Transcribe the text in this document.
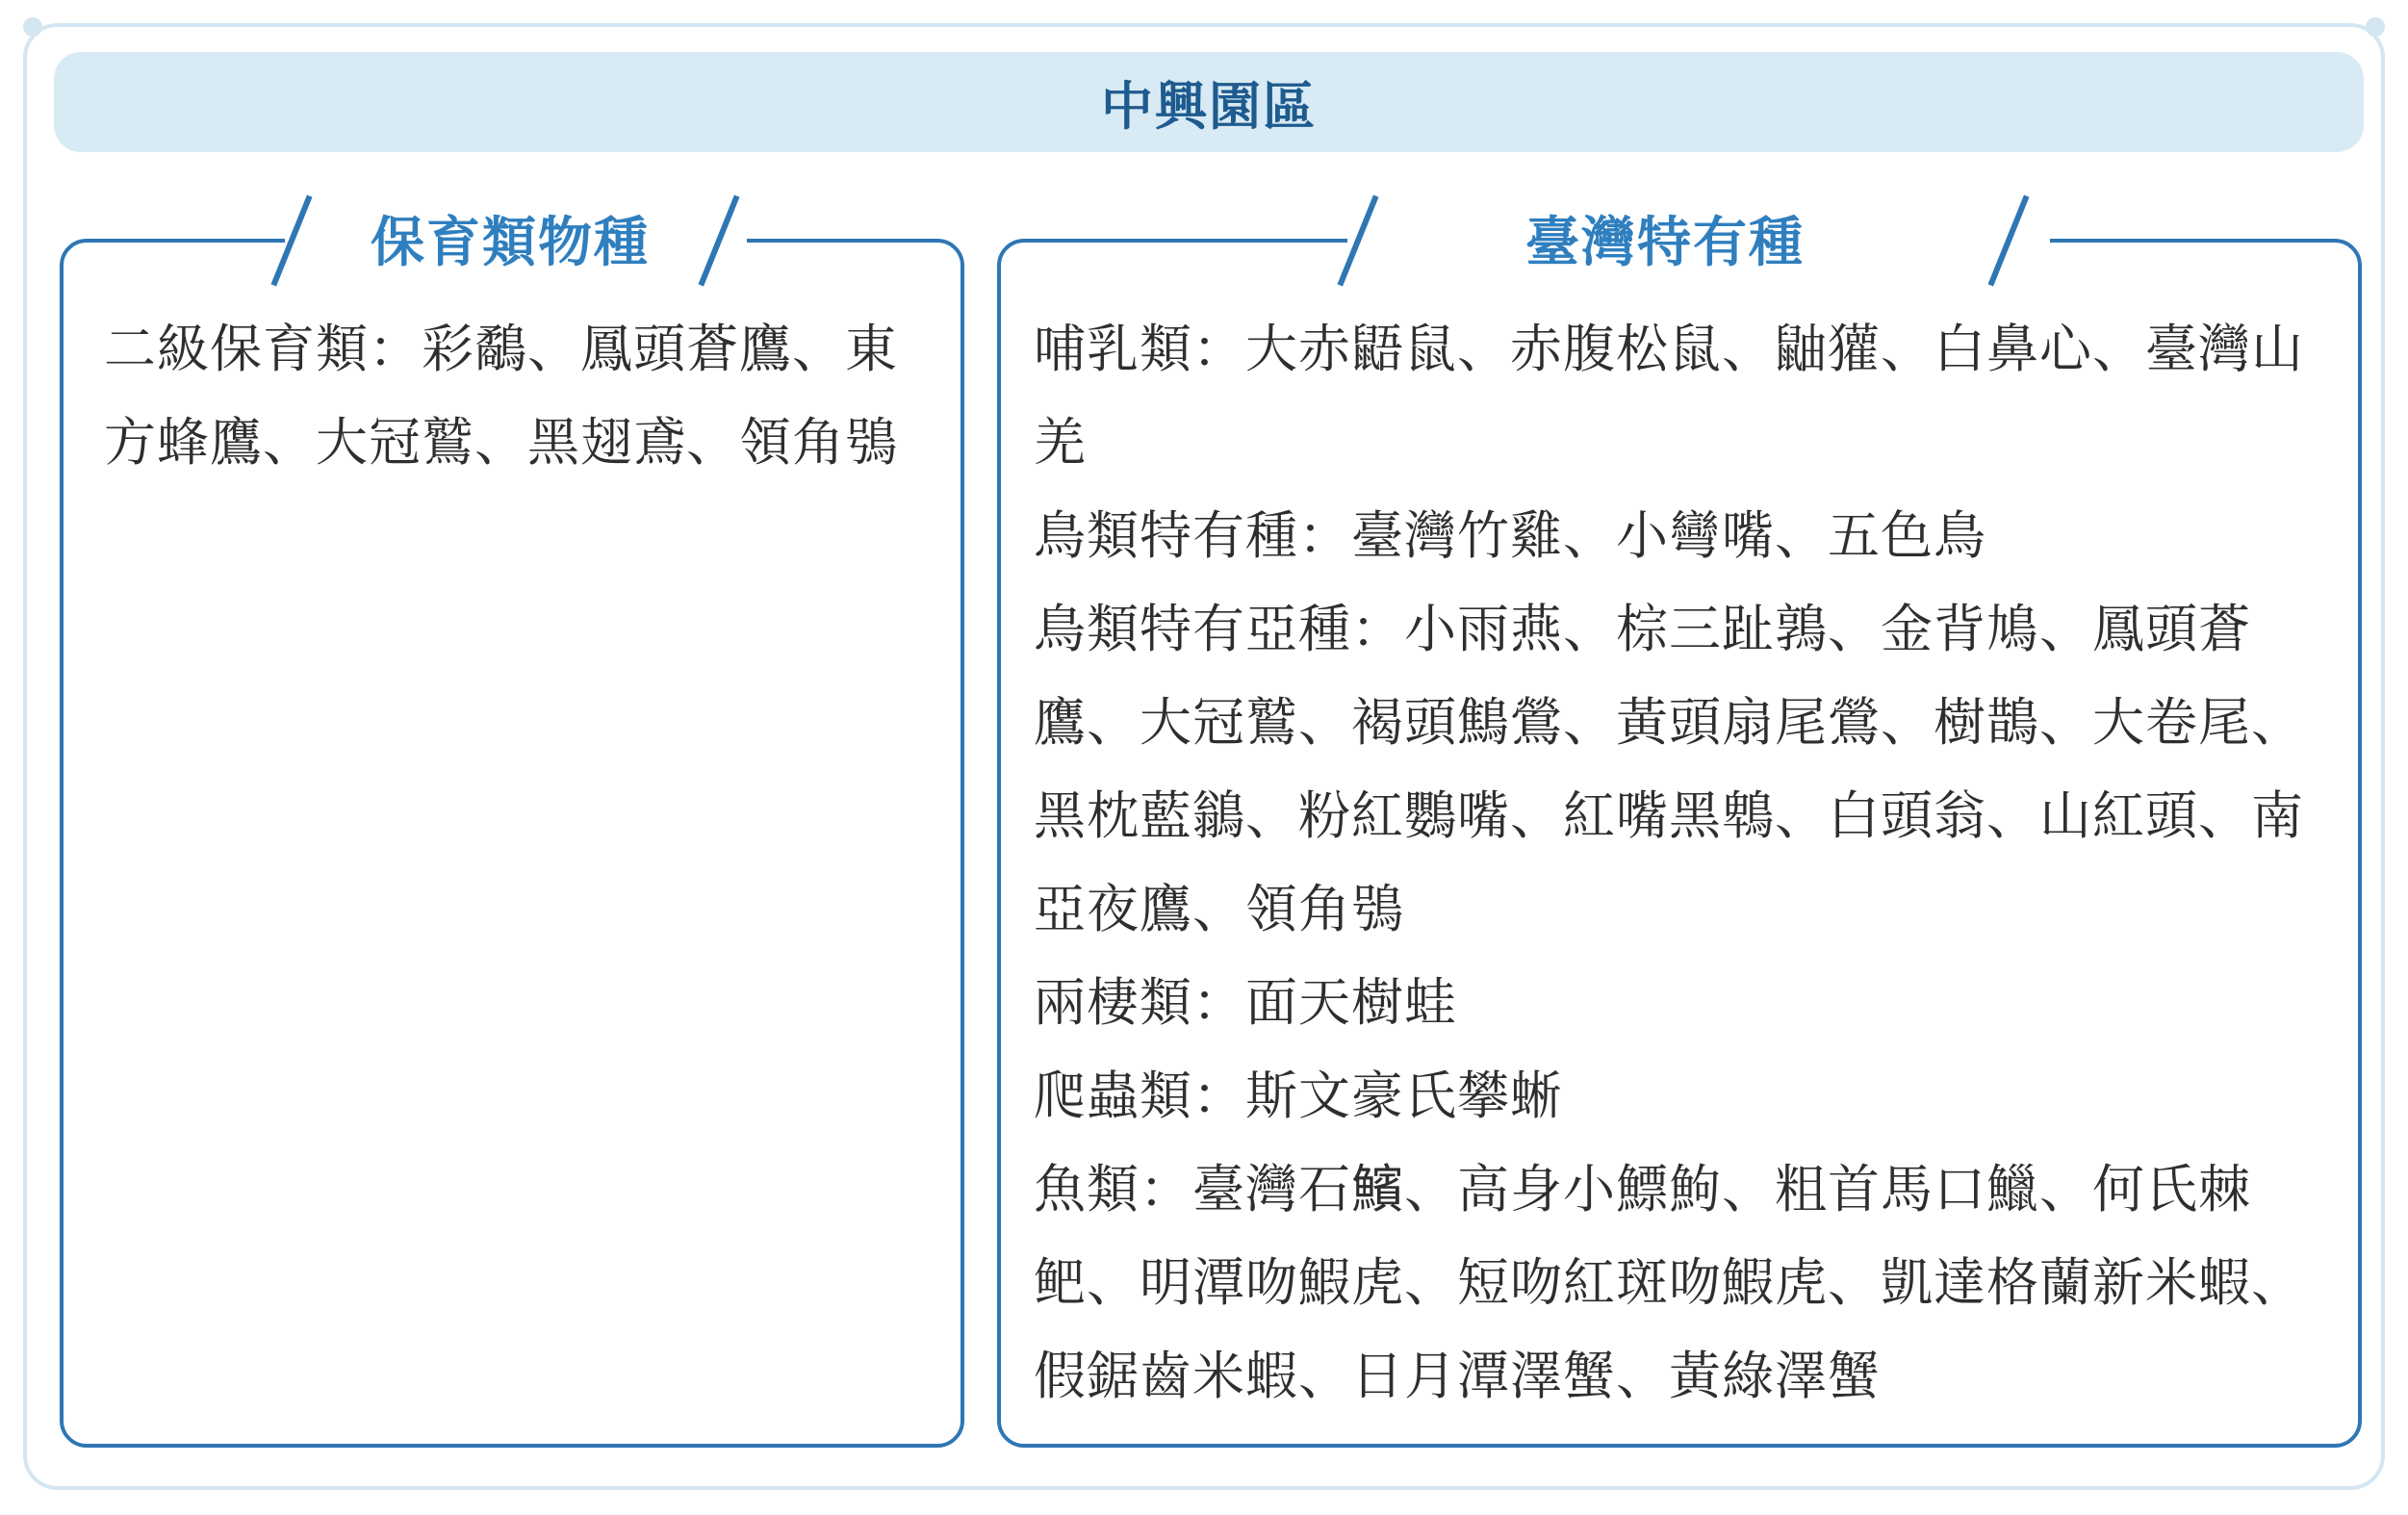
中興園區
保育類物種

二級保育類：彩鷸、鳳頭蒼鷹、東方蜂鷹、大冠鷲、黑翅鳶、領角鴞

臺灣特有種

哺乳類：大赤鼯鼠、赤腹松鼠、鼬獾、白鼻心、臺灣山羌

鳥類特有種：臺灣竹雞、小彎嘴、五色鳥

鳥類特有亞種：小雨燕、棕三趾鶉、金背鳩、鳳頭蒼鷹、大冠鷲、褐頭鷦鶯、黃頭扇尾鶯、樹鵲、大卷尾、黑枕藍鶲、粉紅鸚嘴、紅嘴黑鵯、白頭翁、山紅頭、南亞夜鷹、領角鴞

兩棲類：面天樹蛙

爬蟲類：斯文豪氏攀蜥

魚類：臺灣石𩼧、高身小鰾鮈、粗首馬口鱲、何氏棘鲃、明潭吻鰕虎、短吻紅斑吻鰕虎、凱達格蘭新米蝦、假鋸齒米蝦、日月潭澤蟹、黃綠澤蟹
